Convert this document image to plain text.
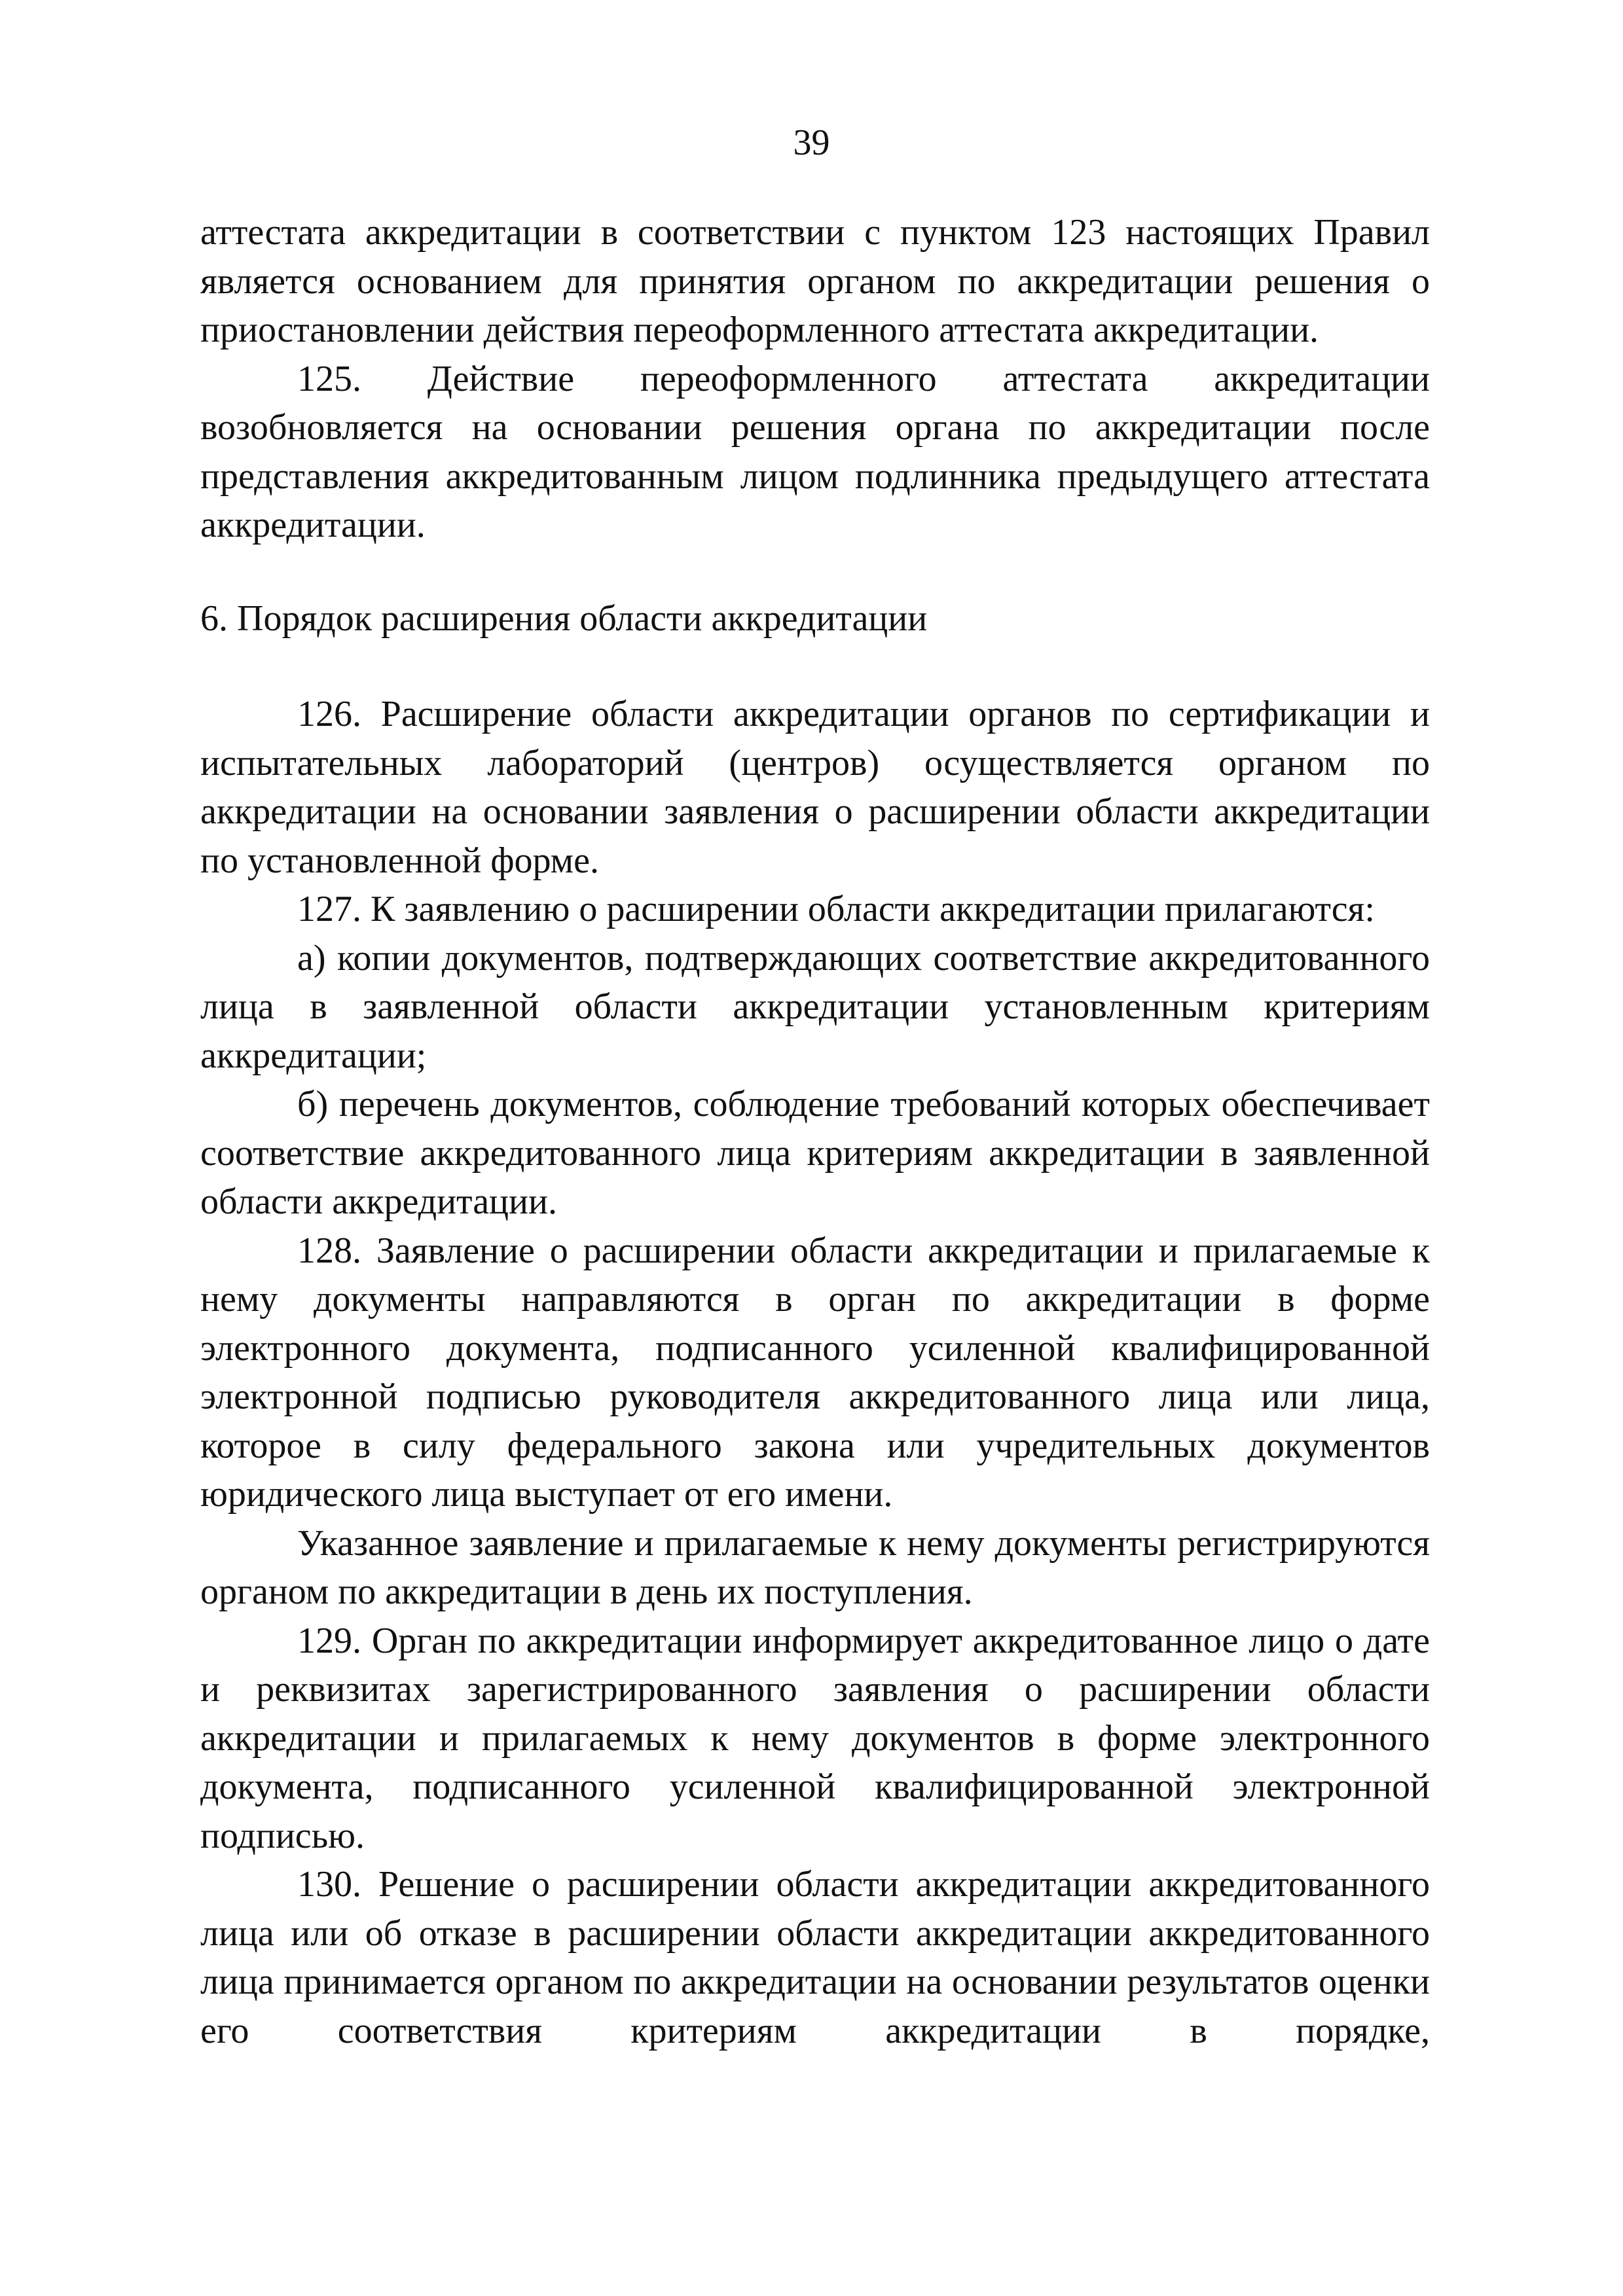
39

аттестата аккредитации в соответствии с пунктом 123 настоящих Правил является основанием для принятия органом по аккредитации решения о приостановлении действия переоформленного аттестата аккредитации.

125. Действие переоформленного аттестата аккредитации возобновляется на основании решения органа по аккредитации после представления аккредитованным лицом подлинника предыдущего аттестата аккредитации.

6. Порядок расширения области аккредитации

126. Расширение области аккредитации органов по сертификации и испытательных лабораторий (центров) осуществляется органом по аккредитации на основании заявления о расширении области аккредитации по установленной форме.

127. К заявлению о расширении области аккредитации прилагаются:

а) копии документов, подтверждающих соответствие аккредитованного лица в заявленной области аккредитации установленным критериям аккредитации;

б) перечень документов, соблюдение требований которых обеспечивает соответствие аккредитованного лица критериям аккредитации в заявленной области аккредитации.

128. Заявление о расширении области аккредитации и прилагаемые к нему документы направляются в орган по аккредитации в форме электронного документа, подписанного усиленной квалифицированной электронной подписью руководителя аккредитованного лица или лица, которое в силу федерального закона или учредительных документов юридического лица выступает от его имени.

Указанное заявление и прилагаемые к нему документы регистрируются органом по аккредитации в день их поступления.

129. Орган по аккредитации информирует аккредитованное лицо о дате и реквизитах зарегистрированного заявления о расширении области аккредитации и прилагаемых к нему документов в форме электронного документа, подписанного усиленной квалифицированной электронной подписью.

130. Решение о расширении области аккредитации аккредитованного лица или об отказе в расширении области аккредитации аккредитованного лица принимается органом по аккредитации на основании результатов оценки его соответствия критериям аккредитации в порядке,
